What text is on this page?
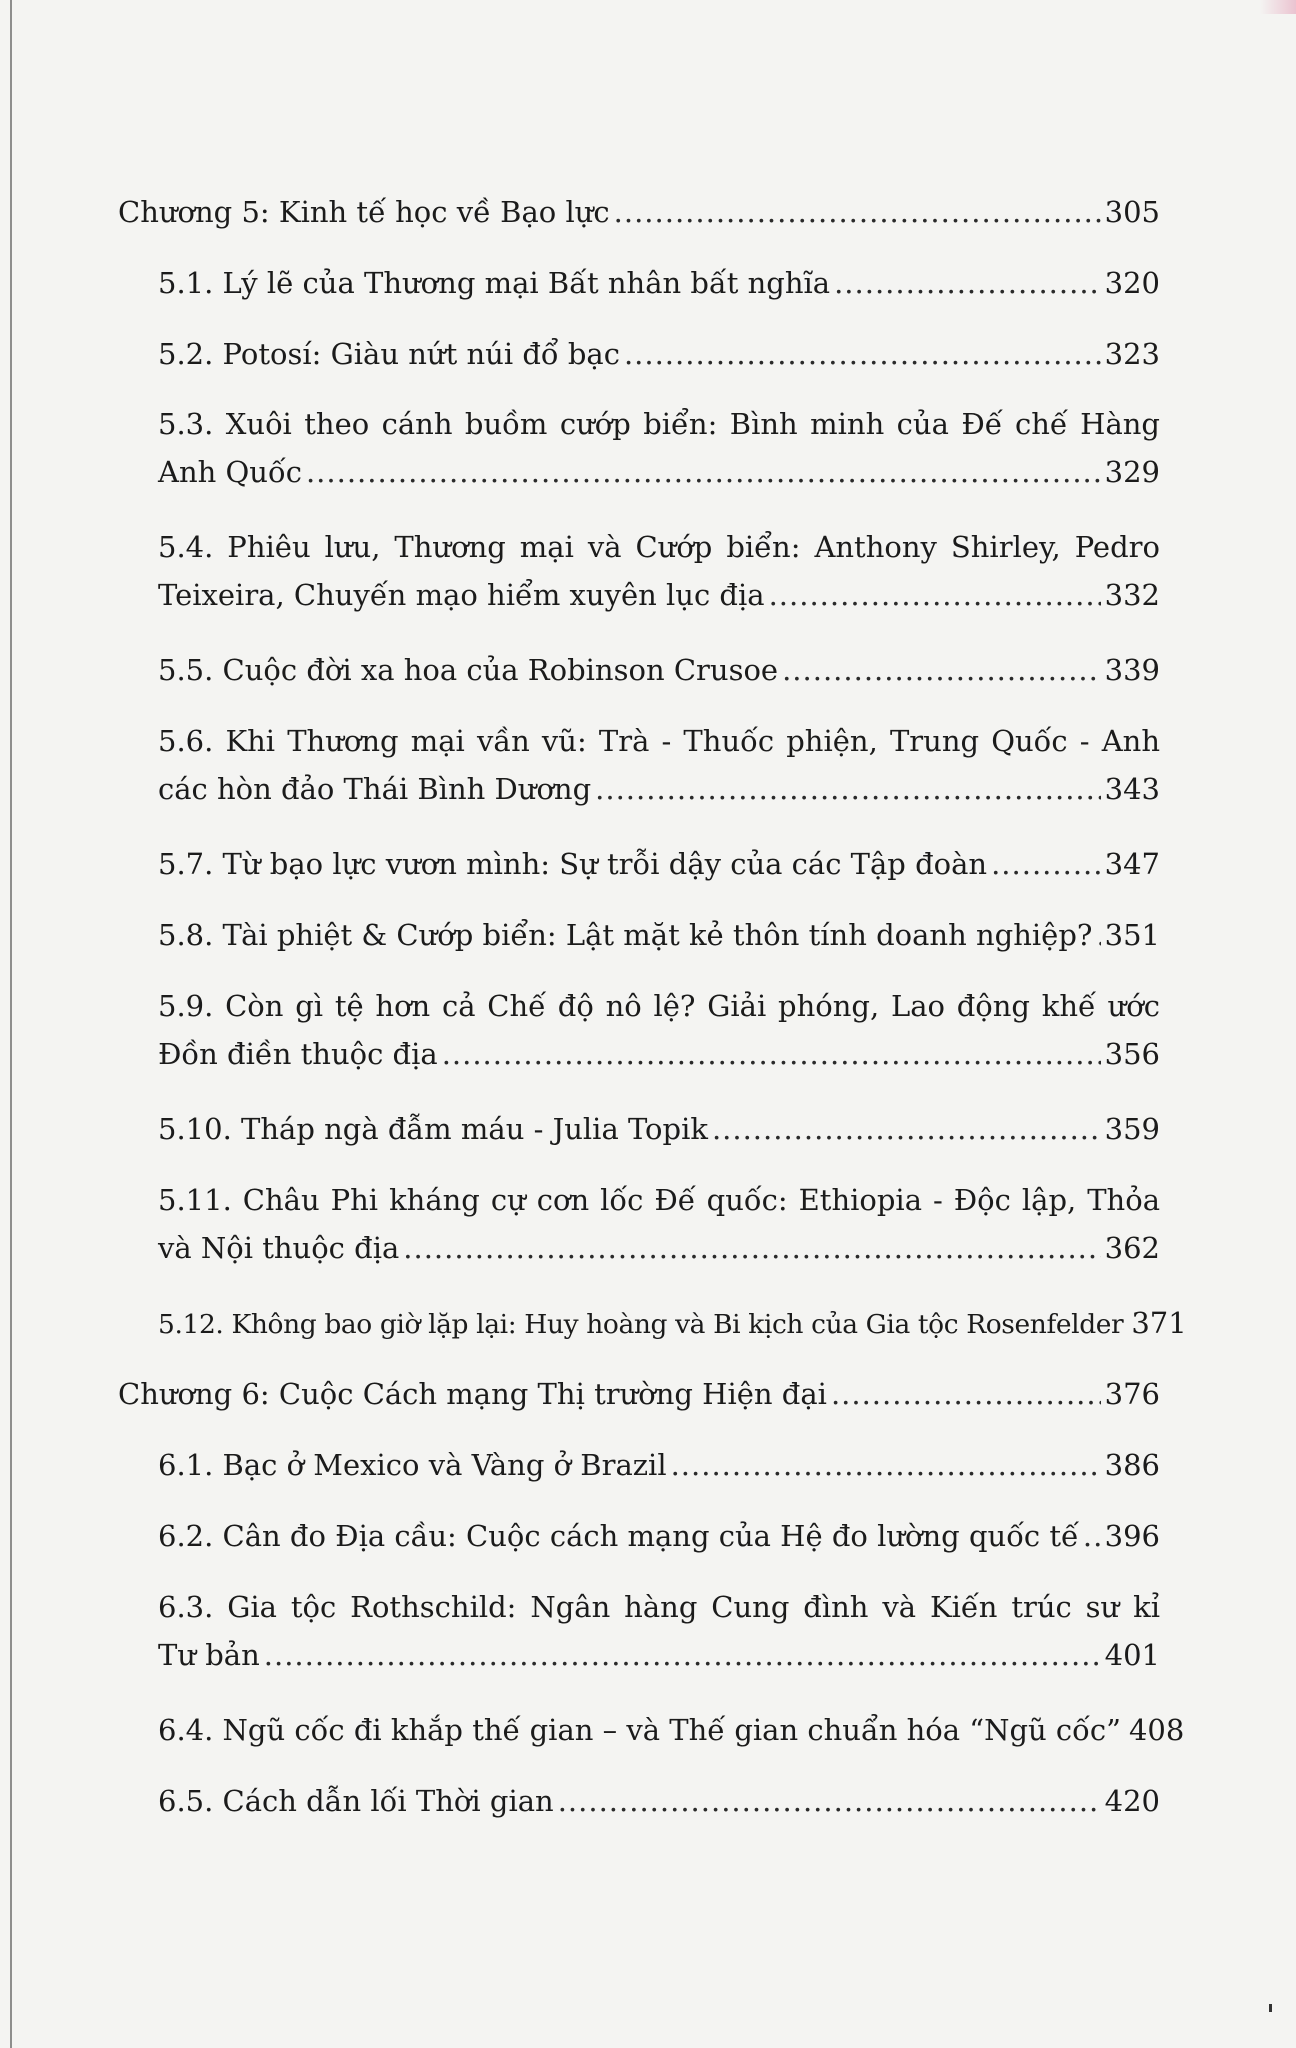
Chương 5: Kinh tế học về Bạo lực .....	305
5.1. Lý lẽ của Thương mại Bất nhân bất nghĩa .....	320
5.2. Potosí: Giàu nứt núi đổ bạc .....	323
5.3. Xuôi theo cánh buồm cướp biển: Bình minh của Đế chế Hàng
Anh Quốc .....	329
5.4. Phiêu lưu, Thương mại và Cướp biển: Anthony Shirley, Pedro
Teixeira, Chuyến mạo hiểm xuyên lục địa .....	332
5.5. Cuộc đời xa hoa của Robinson Crusoe .....	339
5.6. Khi Thương mại vần vũ: Trà - Thuốc phiện, Trung Quốc - Anh
các hòn đảo Thái Bình Dương .....	343
5.7. Từ bạo lực vươn mình: Sự trỗi dậy của các Tập đoàn .....	347
5.8. Tài phiệt & Cướp biển: Lật mặt kẻ thôn tính doanh nghiệp? ..... 351
5.9. Còn gì tệ hơn cả Chế độ nô lệ? Giải phóng, Lao động khế ước
Đồn điền thuộc địa .....	356
5.10. Tháp ngà đẫm máu - Julia Topik .....	359
5.11. Châu Phi kháng cự cơn lốc Đế quốc: Ethiopia - Độc lập, Thỏa
và Nội thuộc địa .....	362
5.12. Không bao giờ lặp lại: Huy hoàng và Bi kịch của Gia tộc Rosenfelder 371
Chương 6: Cuộc Cách mạng Thị trường Hiện đại .....	376
6.1. Bạc ở Mexico và Vàng ở Brazil .....	386
6.2. Cân đo Địa cầu: Cuộc cách mạng của Hệ đo lường quốc tế ..... 396
6.3. Gia tộc Rothschild: Ngân hàng Cung đình và Kiến trúc sư kỉ
Tư bản .....	401
6.4. Ngũ cốc đi khắp thế gian – và Thế gian chuẩn hóa “Ngũ cốc” 408
6.5. Cách dẫn lối Thời gian .....	420
